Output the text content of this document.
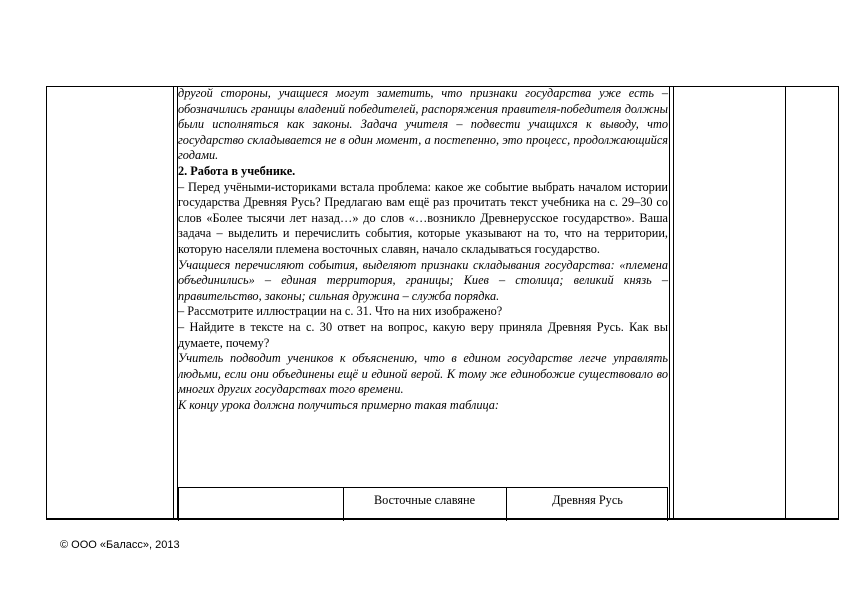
другой стороны, учащиеся могут заметить, что признаки государства уже есть – обозначились границы владений победителей, распоряжения правителя-победителя должны были исполняться как законы. Задача учителя – подвести учащихся к выводу, что государство складывается не в один момент, а постепенно, это процесс, продолжающийся годами.

2. Работа в учебнике.

– Перед учёными-историками встала проблема: какое же событие выбрать началом истории государства Древняя Русь? Предлагаю вам ещё раз прочитать текст учебника на с. 29–30 со слов «Более тысячи лет назад…» до слов «…возникло Древнерусское государство». Ваша задача – выделить и перечислить события, которые указывают на то, что на территории, которую населяли племена восточных славян, начало складываться государство.

Учащиеся перечисляют события, выделяют признаки складывания государства: «племена объединились» – единая территория, границы; Киев – столица; великий князь – правительство, законы; сильная дружина – служба порядка.

– Рассмотрите иллюстрации на с. 31. Что на них изображено?

– Найдите в тексте на с. 30 ответ на вопрос, какую веру приняла Древняя Русь. Как вы думаете, почему?

Учитель подводит учеников к объяснению, что в едином государстве легче управлять людьми, если они объединены ещё и единой верой. К тому же единобожие существовало во многих других государствах того времени.

К концу урока должна получиться примерно такая таблица:

Восточные славяне	Древняя Русь
© ООО «Баласс», 2013
